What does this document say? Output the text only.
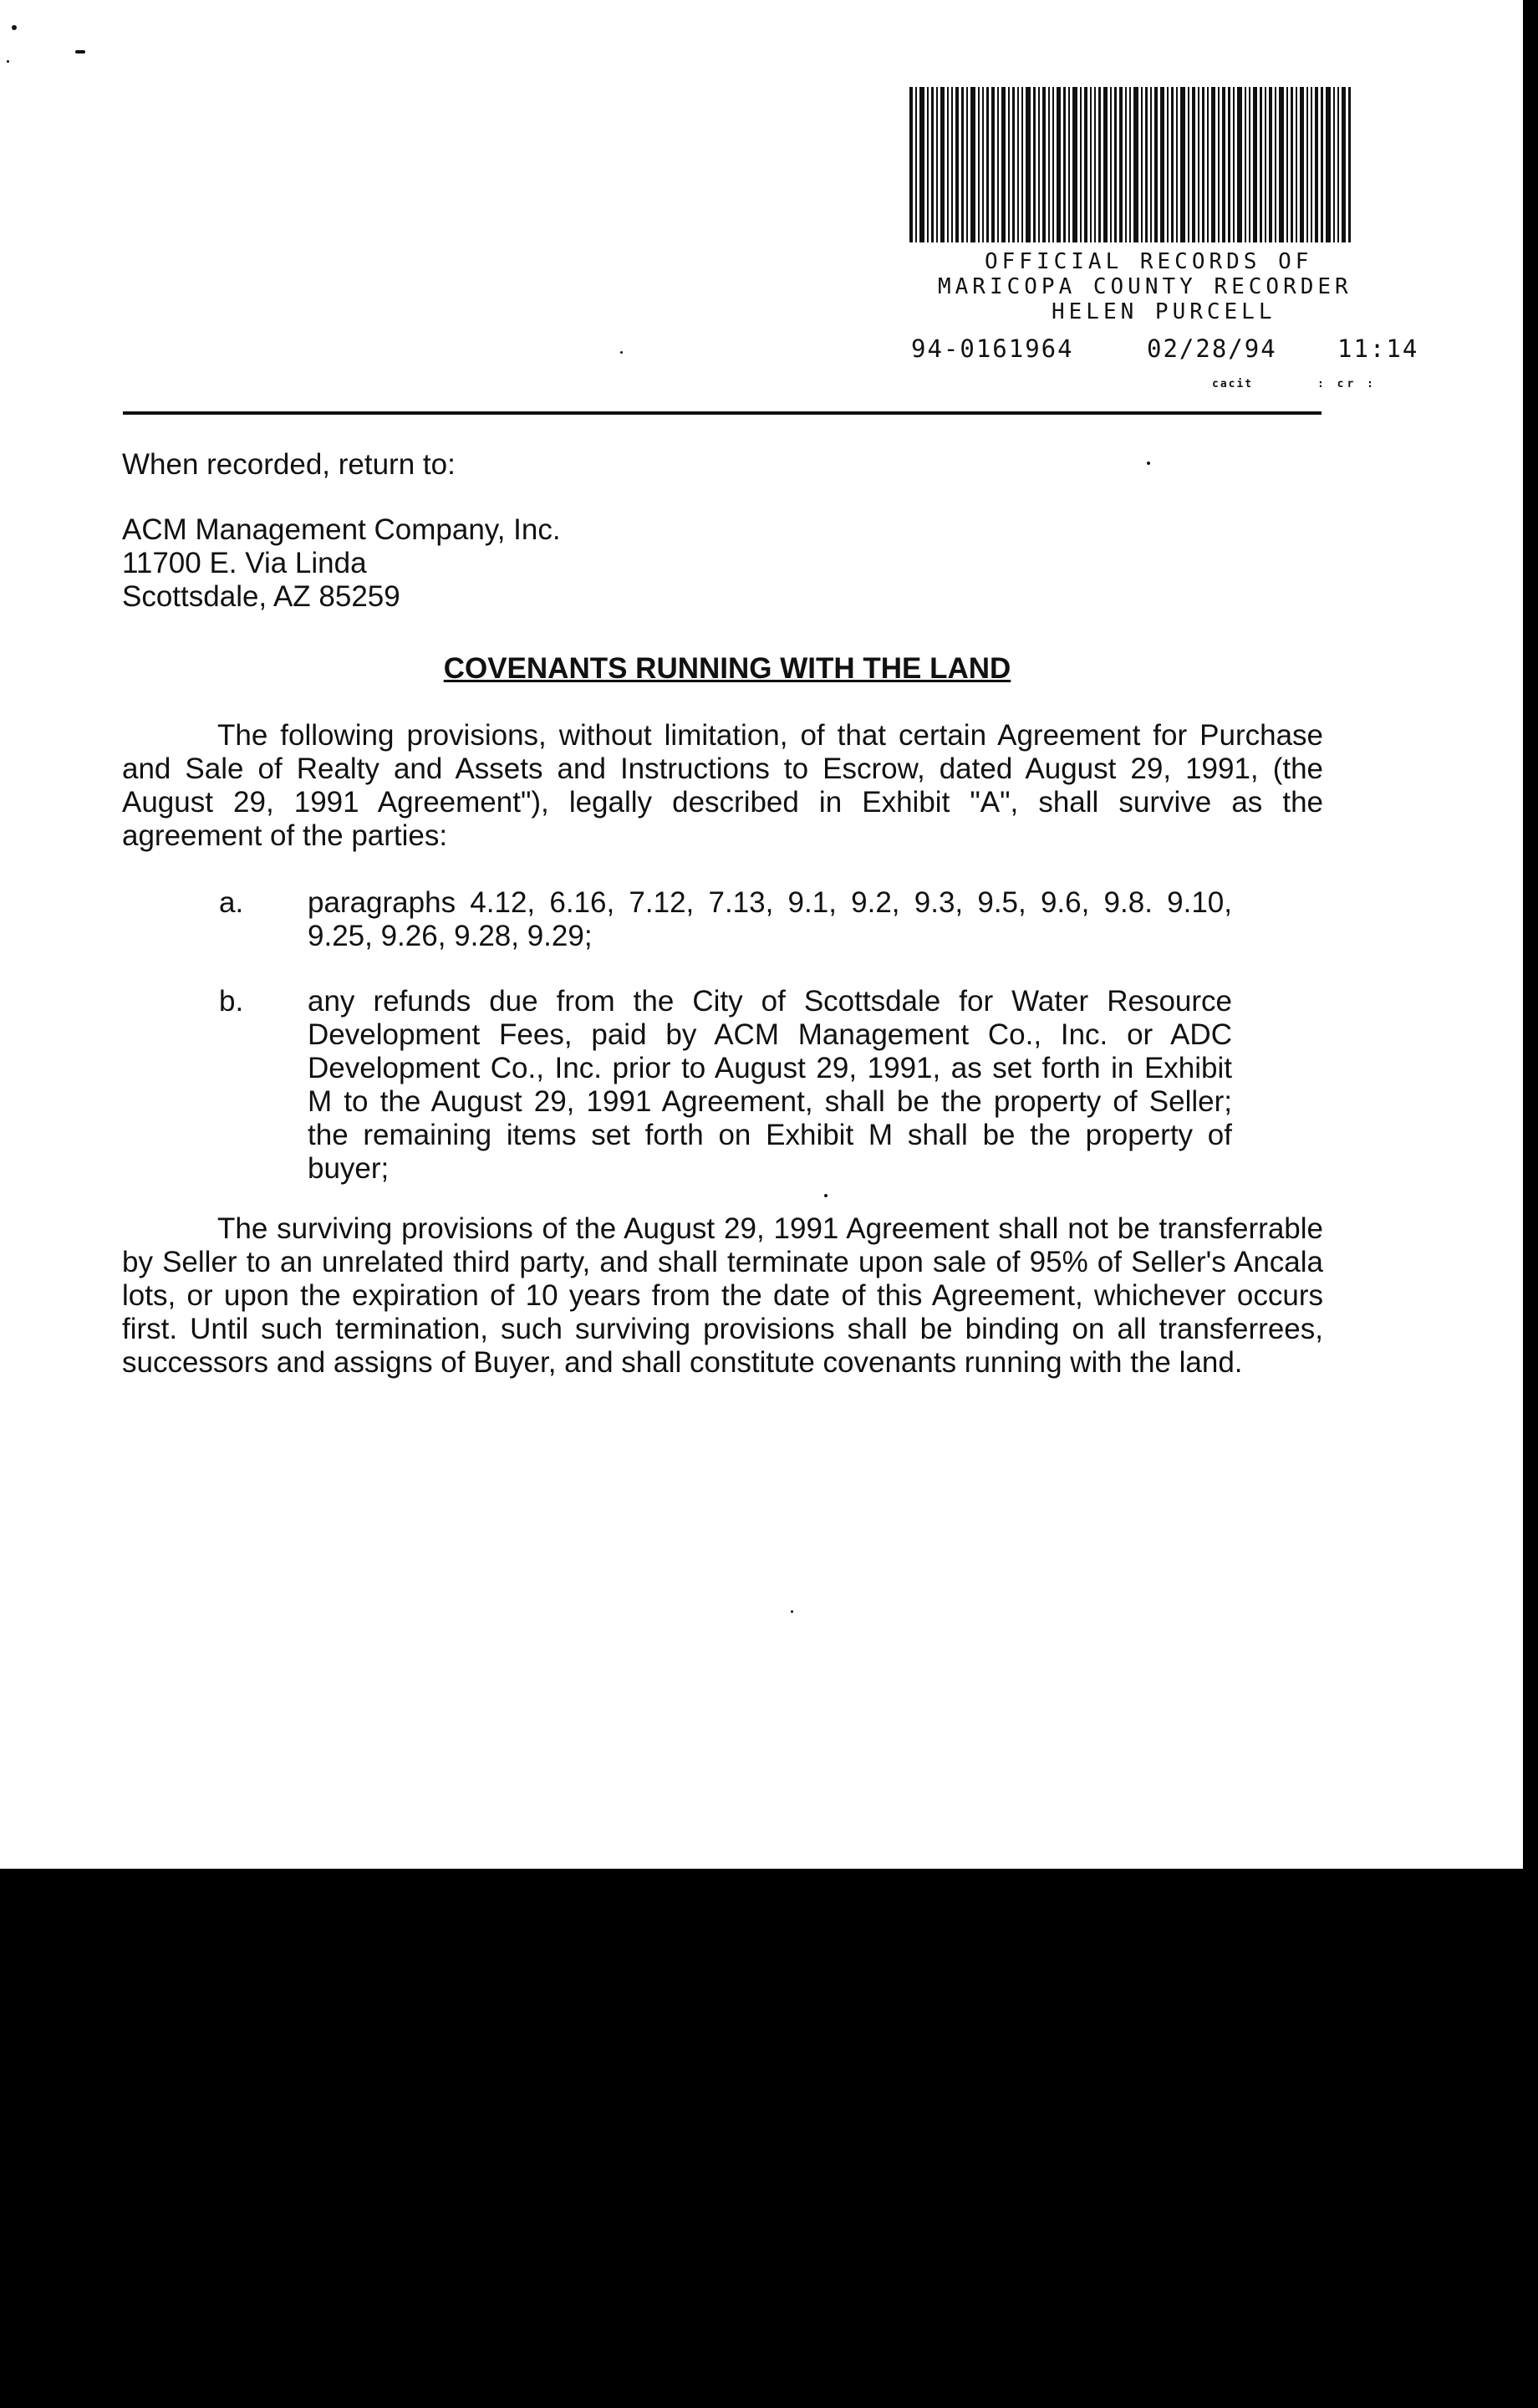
OFFICIAL RECORDS OF
MARICOPA COUNTY RECORDER
HELEN PURCELL
94-0161964	02/28/94 11:14
cacit	: cr :
When recorded, return to:
ACM Management Company, Inc.
11700 E. Via Linda
Scottsdale, AZ 85259
COVENANTS RUNNING WITH THE LAND
The following provisions, without limitation, of that certain Agreement for Purchase and Sale of Realty and Assets and Instructions to Escrow, dated August 29, 1991, (the August 29, 1991 Agreement"), legally described in Exhibit "A", shall survive as the agreement of the parties:
a. paragraphs 4.12, 6.16, 7.12, 7.13, 9.1, 9.2, 9.3, 9.5, 9.6, 9.8. 9.10, 9.25, 9.26, 9.28, 9.29;
b. any refunds due from the City of Scottsdale for Water Resource Development Fees, paid by ACM Management Co., Inc. or ADC Development Co., Inc. prior to August 29, 1991, as set forth in Exhibit M to the August 29, 1991 Agreement, shall be the property of Seller; the remaining items set forth on Exhibit M shall be the property of buyer;
The surviving provisions of the August 29, 1991 Agreement shall not be transferrable by Seller to an unrelated third party, and shall terminate upon sale of 95% of Seller's Ancala lots, or upon the expiration of 10 years from the date of this Agreement, whichever occurs first. Until such termination, such surviving provisions shall be binding on all transferrees, successors and assigns of Buyer, and shall constitute covenants running with the land.
